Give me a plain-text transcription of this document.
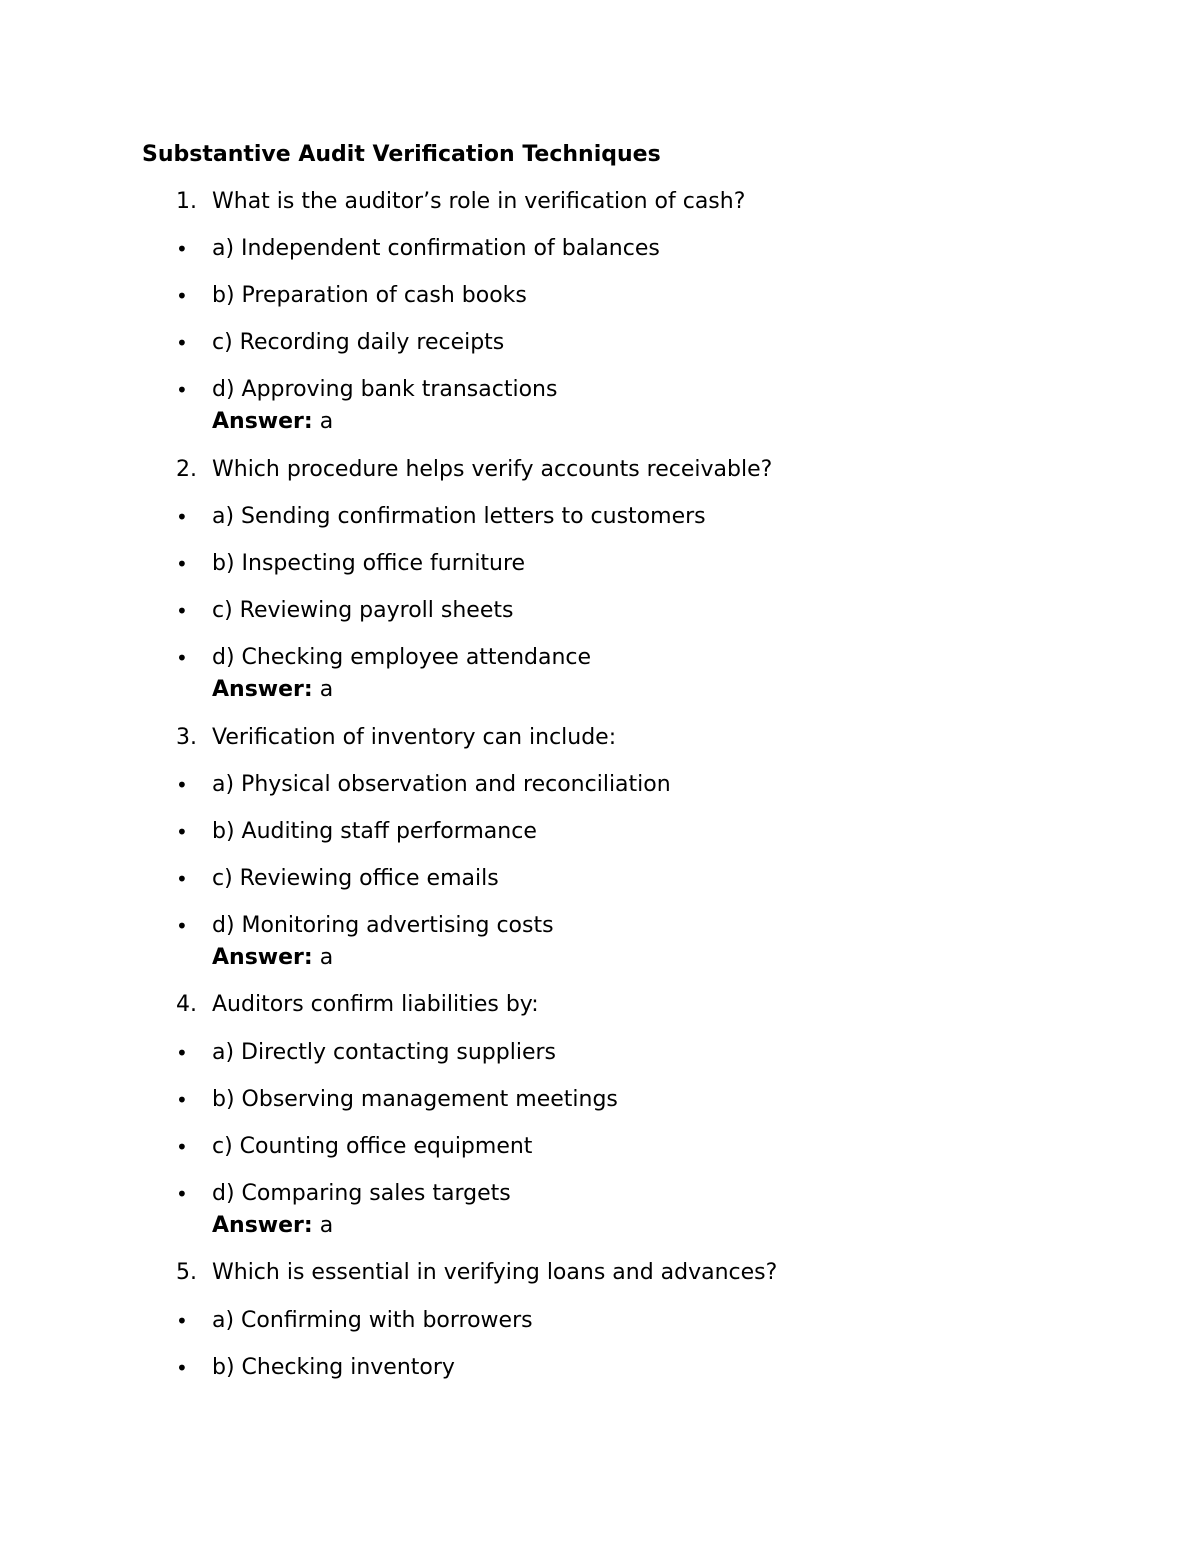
Substantive Audit Verification Techniques
1. What is the auditor’s role in verification of cash?
• a) Independent confirmation of balances
• b) Preparation of cash books
• c) Recording daily receipts
• d) Approving bank transactions
Answer: a
2. Which procedure helps verify accounts receivable?
• a) Sending confirmation letters to customers
• b) Inspecting office furniture
• c) Reviewing payroll sheets
• d) Checking employee attendance
Answer: a
3. Verification of inventory can include:
• a) Physical observation and reconciliation
• b) Auditing staff performance
• c) Reviewing office emails
• d) Monitoring advertising costs
Answer: a
4. Auditors confirm liabilities by:
• a) Directly contacting suppliers
• b) Observing management meetings
• c) Counting office equipment
• d) Comparing sales targets
Answer: a
5. Which is essential in verifying loans and advances?
• a) Confirming with borrowers
• b) Checking inventory
